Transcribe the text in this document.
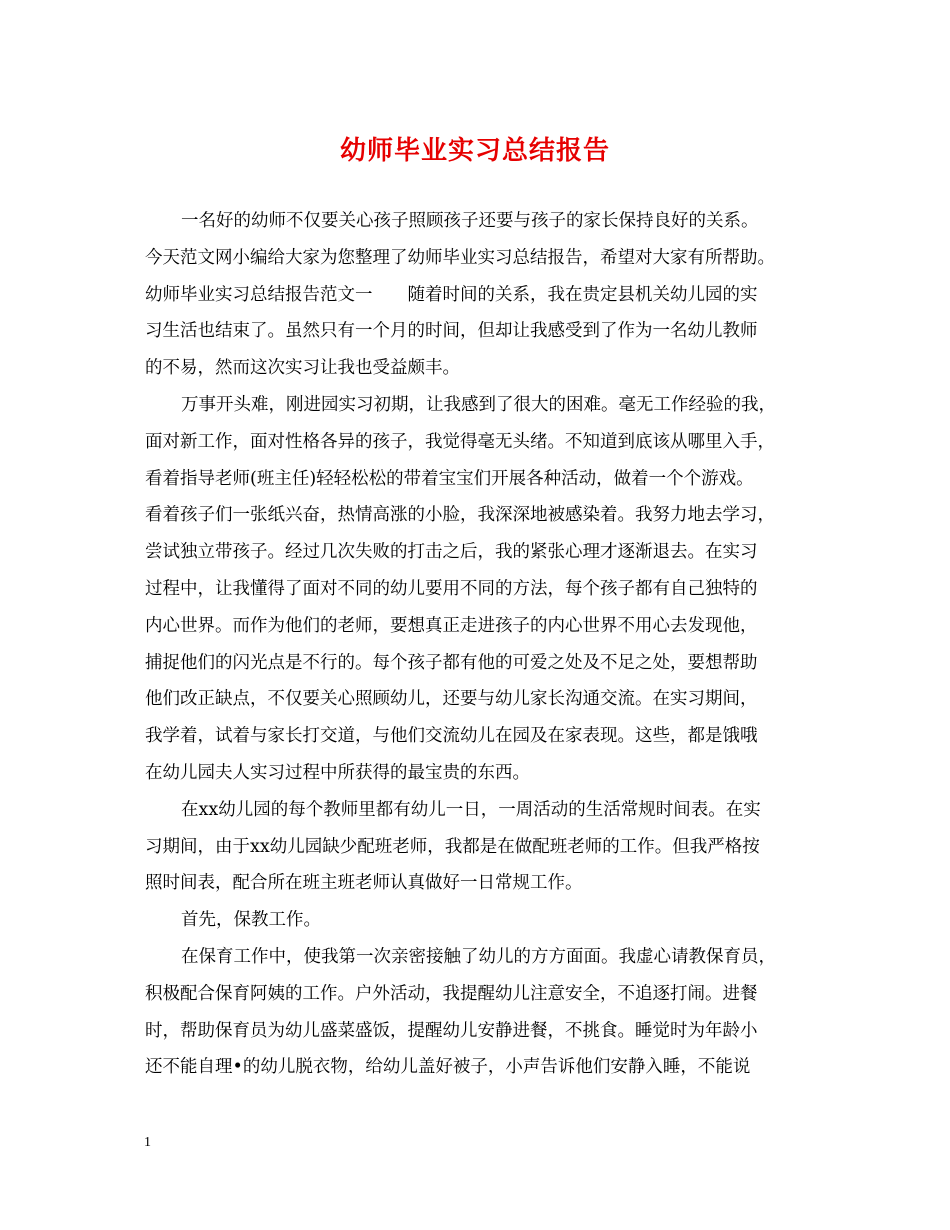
幼师毕业实习总结报告
一名好的幼师不仅要关心孩子照顾孩子还要与孩子的家长保持良好的关系。
今天范文网小编给大家为您整理了幼师毕业实习总结报告，希望对大家有所帮助。
幼师毕业实习总结报告范文一　　随着时间的关系，我在贵定县机关幼儿园的实
习生活也结束了。虽然只有一个月的时间，但却让我感受到了作为一名幼儿教师
的不易，然而这次实习让我也受益颇丰。
万事开头难，刚进园实习初期，让我感到了很大的困难。毫无工作经验的我，
面对新工作，面对性格各异的孩子，我觉得毫无头绪。不知道到底该从哪里入手，
看着指导老师(班主任)轻轻松松的带着宝宝们开展各种活动，做着一个个游戏。
看着孩子们一张纸兴奋，热情高涨的小脸，我深深地被感染着。我努力地去学习，
尝试独立带孩子。经过几次失败的打击之后，我的紧张心理才逐渐退去。在实习
过程中，让我懂得了面对不同的幼儿要用不同的方法，每个孩子都有自己独特的
内心世界。而作为他们的老师，要想真正走进孩子的内心世界不用心去发现他，
捕捉他们的闪光点是不行的。每个孩子都有他的可爱之处及不足之处，要想帮助
他们改正缺点，不仅要关心照顾幼儿，还要与幼儿家长沟通交流。在实习期间，
我学着，试着与家长打交道，与他们交流幼儿在园及在家表现。这些，都是饿哦
在幼儿园夫人实习过程中所获得的最宝贵的东西。
在xx幼儿园的每个教师里都有幼儿一日，一周活动的生活常规时间表。在实
习期间，由于xx幼儿园缺少配班老师，我都是在做配班老师的工作。但我严格按
照时间表，配合所在班主班老师认真做好一日常规工作。
首先，保教工作。
在保育工作中，使我第一次亲密接触了幼儿的方方面面。我虚心请教保育员，
积极配合保育阿姨的工作。户外活动，我提醒幼儿注意安全，不追逐打闹。进餐
时，帮助保育员为幼儿盛菜盛饭，提醒幼儿安静进餐，不挑食。睡觉时为年龄小
还不能自理•的幼儿脱衣物，给幼儿盖好被子，小声告诉他们安静入睡，不能说
1
